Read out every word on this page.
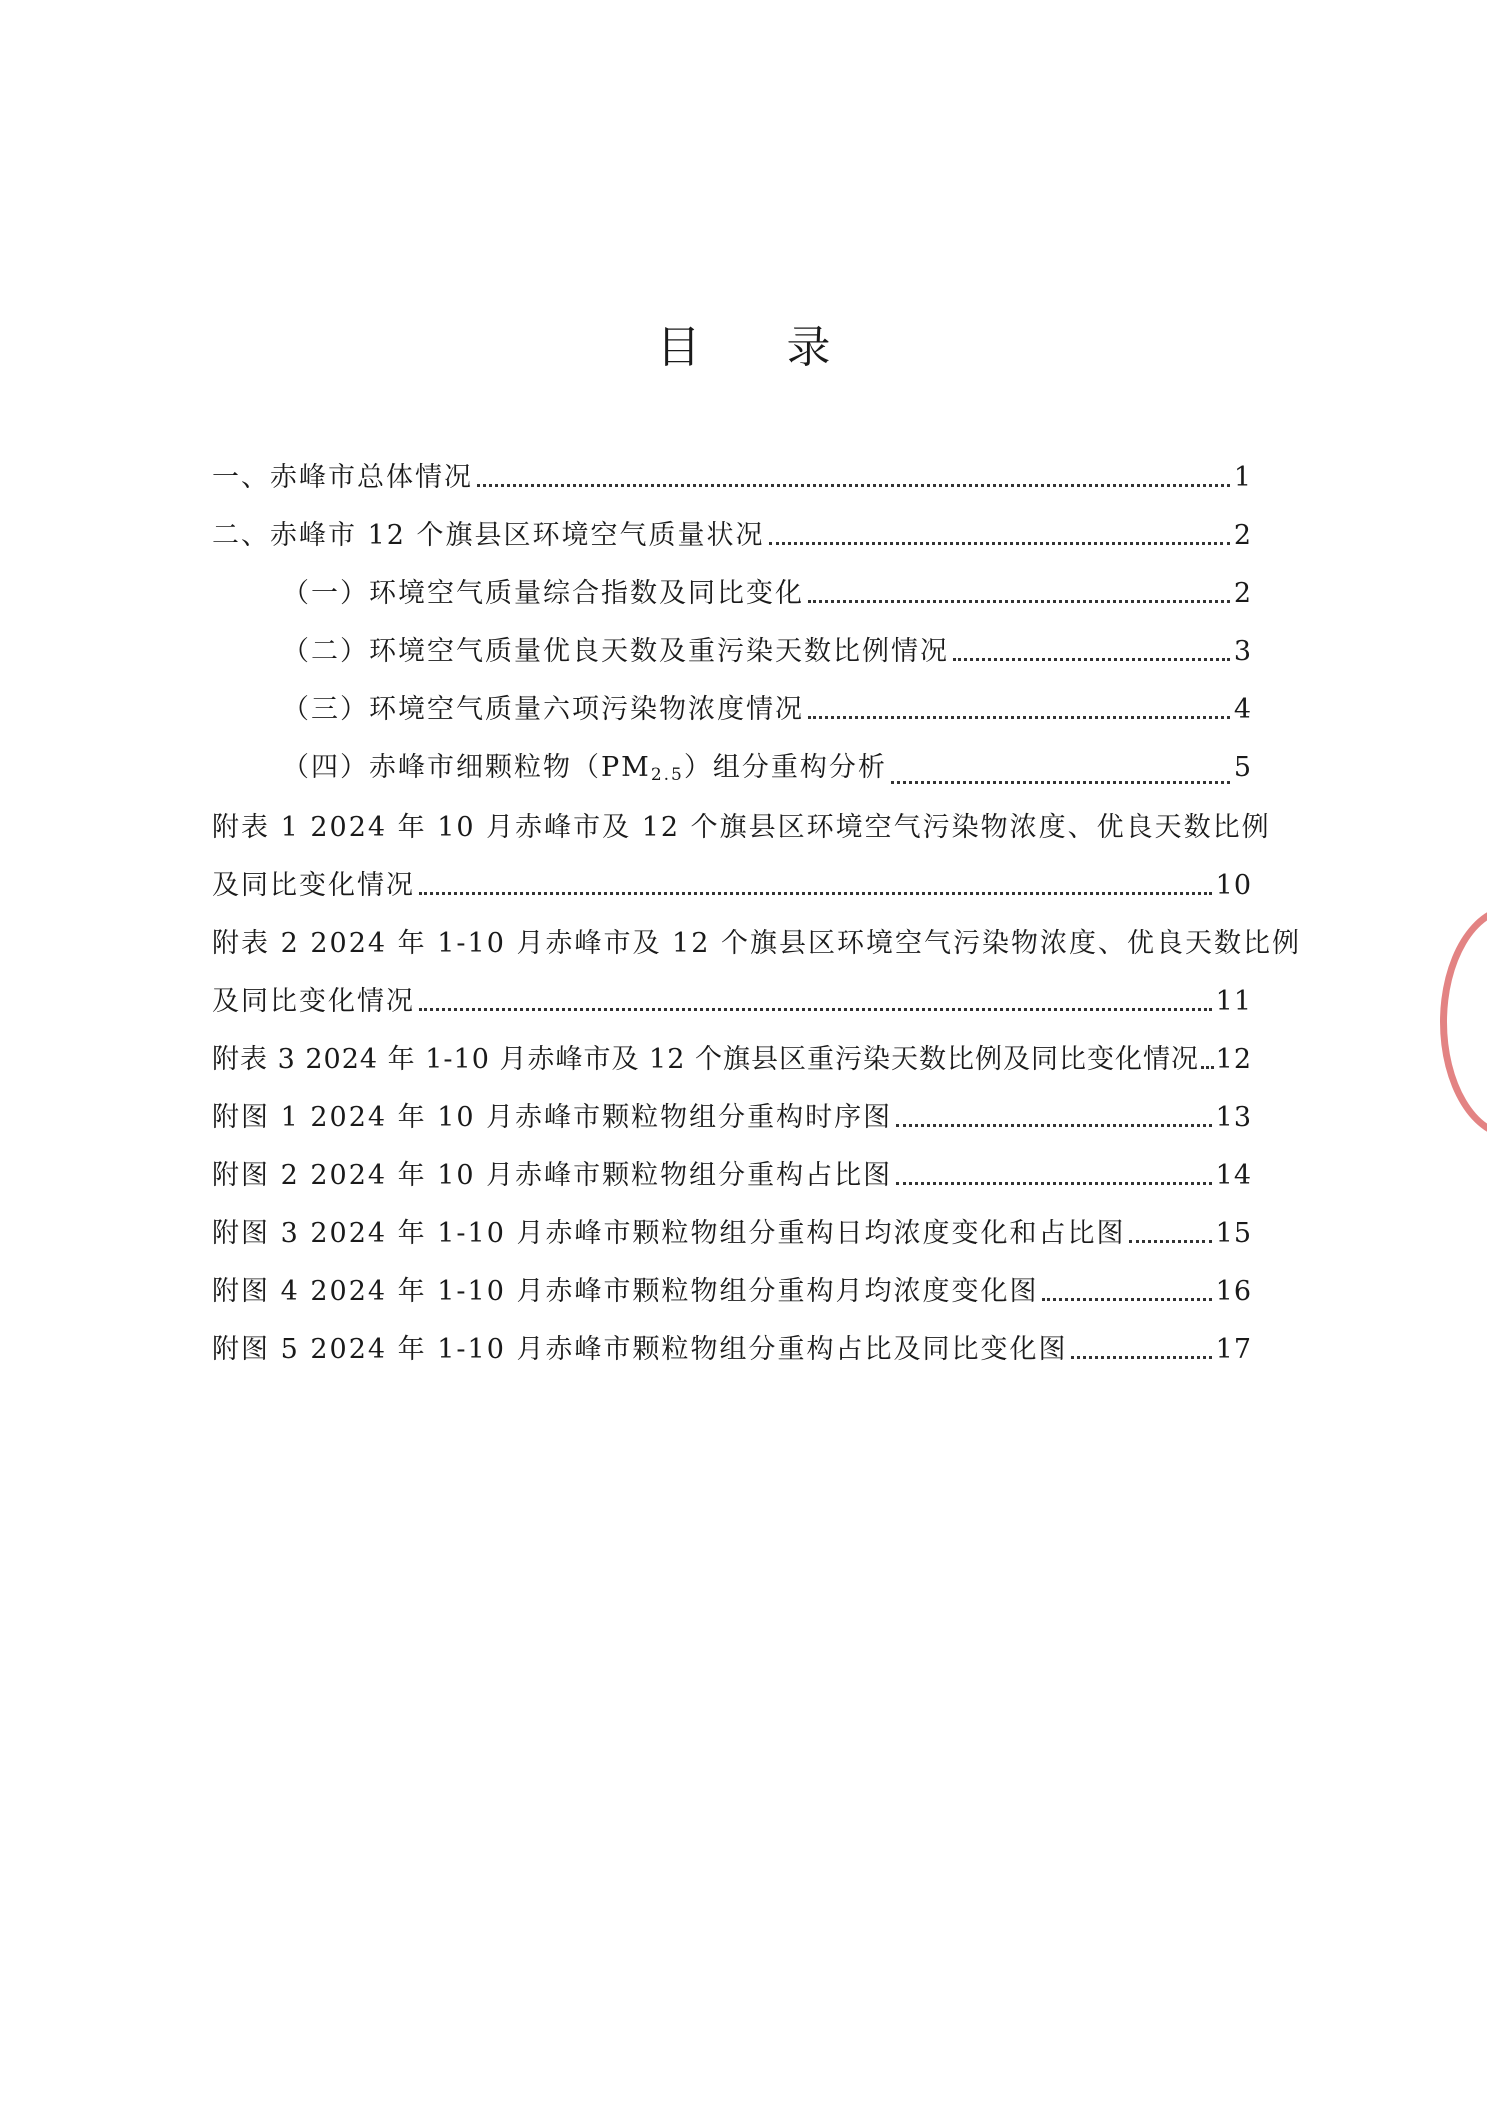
目 录
一、赤峰市总体情况	1
二、赤峰市 12 个旗县区环境空气质量状况	2
（一）环境空气质量综合指数及同比变化	2
（二）环境空气质量优良天数及重污染天数比例情况	3
（三）环境空气质量六项污染物浓度情况	4
（四）赤峰市细颗粒物$(PM_{2.5})$组分重构分析	5
附表 1 2024 年 10 月赤峰市及 12 个旗县区环境空气污染物浓度、优良天数比例
及同比变化情况	10
附表 2 2024 年 1-10 月赤峰市及 12 个旗县区环境空气污染物浓度、优良天数比例
及同比变化情况	11
附表 3 2024 年 1-10 月赤峰市及 12 个旗县区重污染天数比例及同比变化情况 12
附图 1 2024 年 10 月赤峰市颗粒物组分重构时序图	13
附图 2 2024 年 10 月赤峰市颗粒物组分重构占比图	14
附图 3 2024 年 1-10 月赤峰市颗粒物组分重构日均浓度变化和占比图	15
附图 4 2024 年 1-10 月赤峰市颗粒物组分重构月均浓度变化图	16
附图 5 2024 年 1-10 月赤峰市颗粒物组分重构占比及同比变化图	17
